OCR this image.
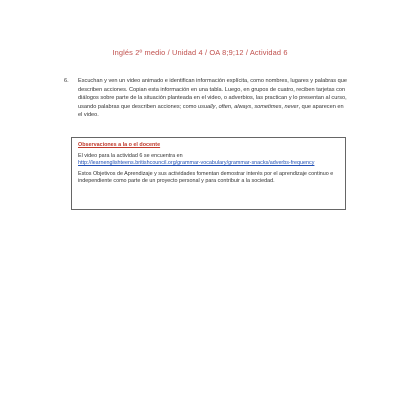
Inglés 2º medio / Unidad 4 / OA 8;9;12 / Actividad 6
6. Escuchan y ven un video animado e identifican información explícita, como nombres, lugares y palabras que describen acciones. Copian esta información en una tabla. Luego, en grupos de cuatro, reciben tarjetas con diálogos sobre parte de la situación planteada en el video, o adverbios, las practican y lo presentan al curso, usando palabras que describen acciones; como usually, often, always, sometimes, never, que aparecen en el video.
Observaciones a la o el docente
El video para la actividad 6 se encuentra en
http://learnenglishteens.britishcouncil.org/grammar-vocabulary/grammar-snacks/adverbs-frequency
Estos Objetivos de Aprendizaje y sus actividades fomentan demostrar interés por el aprendizaje continuo e independiente como parte de un proyecto personal y para contribuir a la sociedad.
